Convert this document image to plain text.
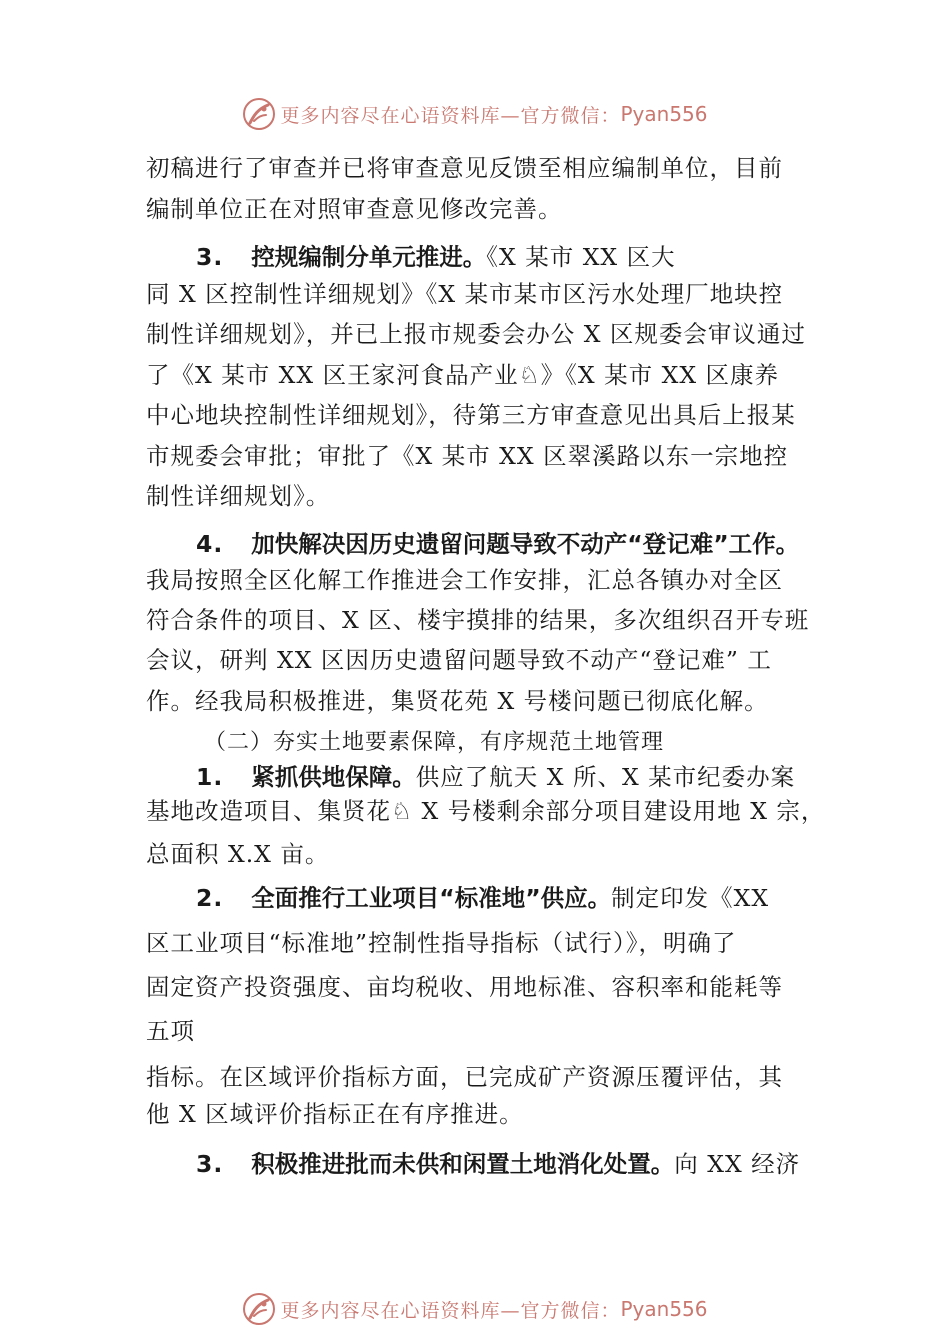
更多内容尽在心语资料库—官方微信： Pyan556
初稿进行了审查并已将审查意见反馈至相应编制单位，目前
编制单位正在对照审查意见修改完善。
3. 控规编制分单元推进。《X 某市 XX 区大
同 X 区控制性详细规划》《X 某市某市区污水处理厂地块控
制性详细规划》，并已上报市规委会办公 X 区规委会审议通过
了《X 某市 XX 区王家河食品产业♘》《X 某市 XX 区康养
中心地块控制性详细规划》，待第三方审查意见出具后上报某
市规委会审批；审批了《X 某市 XX 区翠溪路以东一宗地控
制性详细规划》。
4. 加快解决因历史遗留问题导致不动产“登记难”工作。
我局按照全区化解工作推进会工作安排，汇总各镇办对全区
符合条件的项目、X 区、楼宇摸排的结果，多次组织召开专班
会议，研判 XX 区因历史遗留问题导致不动产“登记难” 工
作。经我局积极推进，集贤花苑 X 号楼问题已彻底化解。
（二）夯实土地要素保障，有序规范土地管理
1. 紧抓供地保障。供应了航天 X 所、X 某市纪委办案
基地改造项目、集贤花♘ X 号楼剩余部分项目建设用地 X 宗，
总面积 X.X 亩。
2. 全面推行工业项目“标准地”供应。制定印发《XX
区工业项目“标准地”控制性指导指标（试行）》，明确了
固定资产投资强度、亩均税收、用地标准、容积率和能耗等
五项
指标。在区域评价指标方面，已完成矿产资源压覆评估，其
他 X 区域评价指标正在有序推进。
3. 积极推进批而未供和闲置土地消化处置。向 XX 经济
更多内容尽在心语资料库—官方微信： Pyan556
